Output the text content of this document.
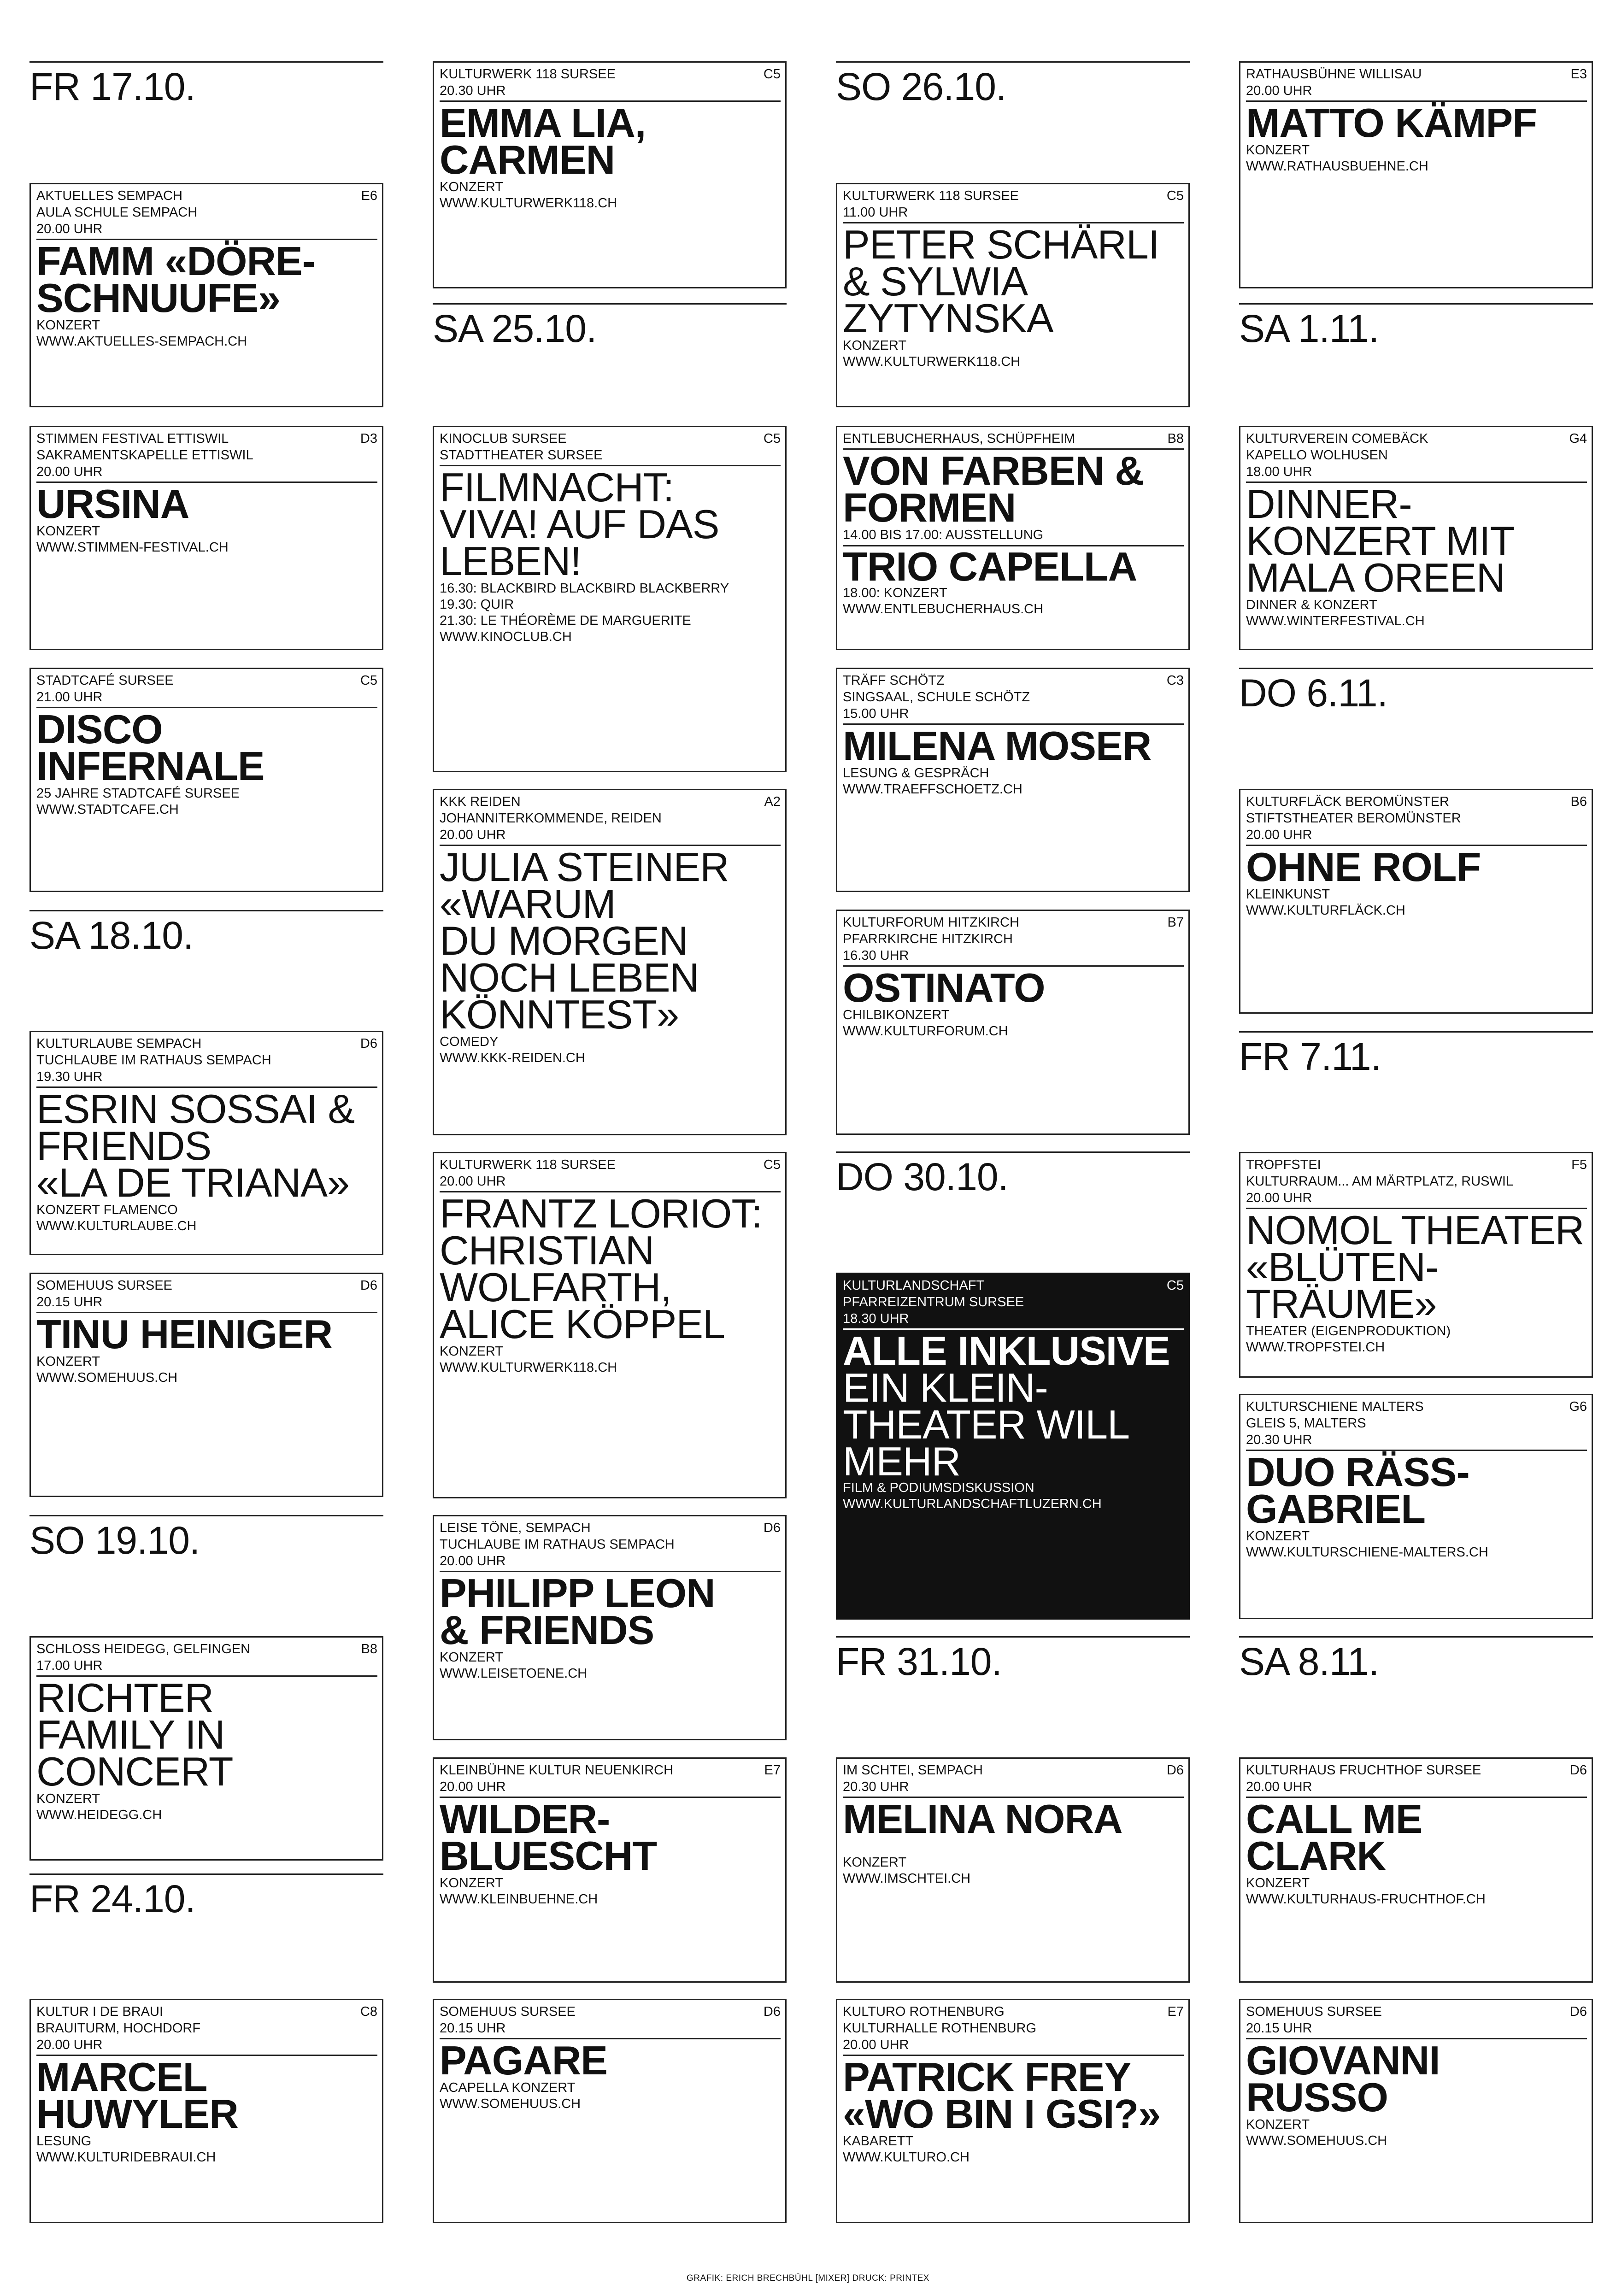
FR 17.10.
AKTUELLES SEMPACH
AULA SCHULE SEMPACH
20.00 UHR
E6
FAMM «DÖRE-
SCHNUUFE»
KONZERT
WWW.AKTUELLES-SEMPACH.CH
STIMMEN FESTIVAL ETTISWIL
SAKRAMENTSKAPELLE ETTISWIL
20.00 UHR
D3
URSINA
KONZERT
WWW.STIMMEN-FESTIVAL.CH
STADTCAFÉ SURSEE
21.00 UHR
C5
DISCO
INFERNALE
25 JAHRE STADTCAFÉ SURSEE
WWW.STADTCAFE.CH
SA 18.10.
KULTURLAUBE SEMPACH
TUCHLAUBE IM RATHAUS SEMPACH
19.30 UHR
D6
ESRIN SOSSAI &
FRIENDS
«LA DE TRIANA»
KONZERT FLAMENCO
WWW.KULTURLAUBE.CH
SOMEHUUS SURSEE
20.15 UHR
D6
TINU HEINIGER
KONZERT
WWW.SOMEHUUS.CH
SO 19.10.
SCHLOSS HEIDEGG, GELFINGEN
17.00 UHR
B8
RICHTER
FAMILY IN
CONCERT
KONZERT
WWW.HEIDEGG.CH
FR 24.10.
KULTUR I DE BRAUI
BRAUITURM, HOCHDORF
20.00 UHR
C8
MARCEL
HUWYLER
LESUNG
WWW.KULTURIDEBRAUI.CH
KULTURWERK 118 SURSEE
20.30 UHR
C5
EMMA LIA,
CARMEN
KONZERT
WWW.KULTURWERK118.CH
SA 25.10.
KINOCLUB SURSEE
STADTTHEATER SURSEE
C5
FILMNACHT:
VIVA! AUF DAS
LEBEN!
16.30: BLACKBIRD BLACKBIRD BLACKBERRY
19.30: QUIR
21.30: LE THÉORÈME DE MARGUERITE
WWW.KINOCLUB.CH
KKK REIDEN
JOHANNITERKOMMENDE, REIDEN
20.00 UHR
A2
JULIA STEINER
«WARUM
DU MORGEN
NOCH LEBEN
KÖNNTEST»
COMEDY
WWW.KKK-REIDEN.CH
KULTURWERK 118 SURSEE
20.00 UHR
C5
FRANTZ LORIOT:
CHRISTIAN
WOLFARTH,
ALICE KÖPPEL
KONZERT
WWW.KULTURWERK118.CH
LEISE TÖNE, SEMPACH
TUCHLAUBE IM RATHAUS SEMPACH
20.00 UHR
D6
PHILIPP LEON
& FRIENDS
KONZERT
WWW.LEISETOENE.CH
KLEINBÜHNE KULTUR NEUENKIRCH
20.00 UHR
E7
WILDER-
BLUESCHT
KONZERT
WWW.KLEINBUEHNE.CH
SOMEHUUS SURSEE
20.15 UHR
D6
PAGARE
ACAPELLA KONZERT
WWW.SOMEHUUS.CH
SO 26.10.
KULTURWERK 118 SURSEE
11.00 UHR
C5
PETER SCHÄRLI
& SYLWIA
ZYTYNSKA
KONZERT
WWW.KULTURWERK118.CH
ENTLEBUCHERHAUS, SCHÜPFHEIM	B8
VON FARBEN &
FORMEN
14.00 BIS 17.00: AUSSTELLUNG
TRIO CAPELLA
18.00: KONZERT
WWW.ENTLEBUCHERHAUS.CH
TRÄFF SCHÖTZ
SINGSAAL, SCHULE SCHÖTZ
15.00 UHR
C3
MILENA MOSER
LESUNG & GESPRÄCH
WWW.TRAEFFSCHOETZ.CH
KULTURFORUM HITZKIRCH
PFARRKIRCHE HITZKIRCH
16.30 UHR
B7
OSTINATO
CHILBIKONZERT
WWW.KULTURFORUM.CH
DO 30.10.
KULTURLANDSCHAFT
PFARREIZENTRUM SURSEE
18.30 UHR
C5
ALLE INKLUSIVE
EIN KLEIN-
THEATER WILL
MEHR
FILM & PODIUMSDISKUSSION
WWW.KULTURLANDSCHAFTLUZERN.CH
FR 31.10.
IM SCHTEI, SEMPACH
20.30 UHR
D6
MELINA NORA

KONZERT
WWW.IMSCHTEI.CH
KULTURO ROTHENBURG
KULTURHALLE ROTHENBURG
20.00 UHR
E7
PATRICK FREY
«WO BIN I GSI?»
KABARETT
WWW.KULTURO.CH
RATHAUSBÜHNE WILLISAU
20.00 UHR
E3
MATTO KÄMPF
KONZERT
WWW.RATHAUSBUEHNE.CH
SA 1.11.
KULTURVEREIN COMEBÄCK
KAPELLO WOLHUSEN
18.00 UHR
G4
DINNER-
KONZERT MIT
MALA OREEN
DINNER & KONZERT
WWW.WINTERFESTIVAL.CH
DO 6.11.
KULTURFLÄCK BEROMÜNSTER
STIFTSTHEATER BEROMÜNSTER
20.00 UHR
B6
OHNE ROLF
KLEINKUNST
WWW.KULTURFLÄCK.CH
FR 7.11.
TROPFSTEI
KULTURRAUM... AM MÄRTPLATZ, RUSWIL
20.00 UHR
F5
NOMOL THEATER
«BLÜTEN-
TRÄUME»
THEATER (EIGENPRODUKTION)
WWW.TROPFSTEI.CH
KULTURSCHIENE MALTERS
GLEIS 5, MALTERS
20.30 UHR
G6
DUO RÄSS-
GABRIEL
KONZERT
WWW.KULTURSCHIENE-MALTERS.CH
SA 8.11.
KULTURHAUS FRUCHTHOF SURSEE
20.00 UHR
D6
CALL ME
CLARK
KONZERT
WWW.KULTURHAUS-FRUCHTHOF.CH
SOMEHUUS SURSEE
20.15 UHR
D6
GIOVANNI
RUSSO
KONZERT
WWW.SOMEHUUS.CH
GRAFIK: ERICH BRECHBÜHL [MIXER] DRUCK: PRINTEX
